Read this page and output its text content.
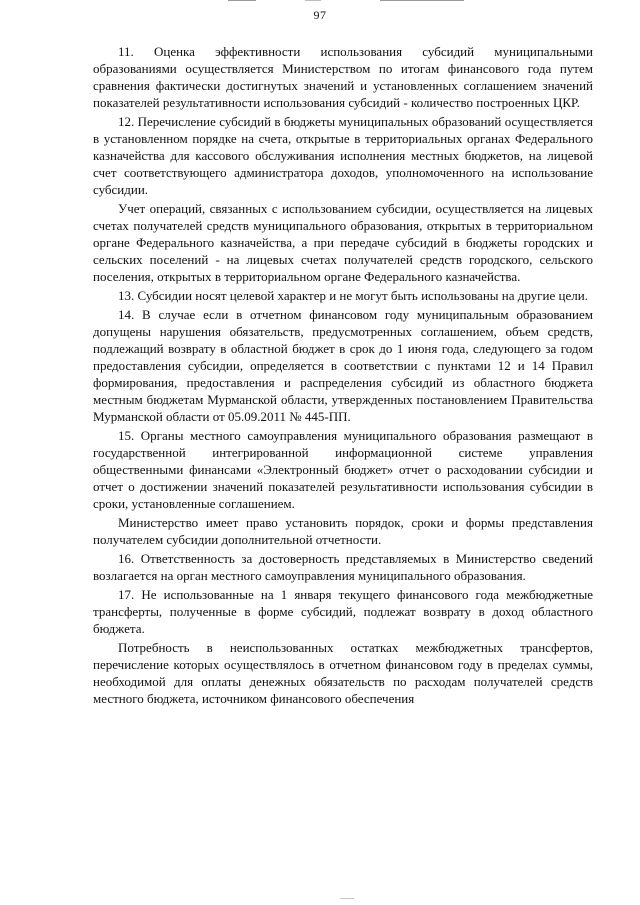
97

11. Оценка эффективности использования субсидий муниципальными образованиями осуществляется Министерством по итогам финансового года путем сравнения фактически достигнутых значений и установленных соглашением значений показателей результативности использования субсидий - количество построенных ЦКР.

12. Перечисление субсидий в бюджеты муниципальных образований осуществляется в установленном порядке на счета, открытые в территориальных органах Федерального казначейства для кассового обслуживания исполнения местных бюджетов, на лицевой счет соответствующего администратора доходов, уполномоченного на использование субсидии.

Учет операций, связанных с использованием субсидии, осуществляется на лицевых счетах получателей средств муниципального образования, открытых в территориальном органе Федерального казначейства, а при передаче субсидий в бюджеты городских и сельских поселений - на лицевых счетах получателей средств городского, сельского поселения, открытых в территориальном органе Федерального казначейства.

13. Субсидии носят целевой характер и не могут быть использованы на другие цели.

14. В случае если в отчетном финансовом году муниципальным образованием допущены нарушения обязательств, предусмотренных соглашением, объем средств, подлежащий возврату в областной бюджет в срок до 1 июня года, следующего за годом предоставления субсидии, определяется в соответствии с пунктами 12 и 14 Правил формирования, предоставления и распределения субсидий из областного бюджета местным бюджетам Мурманской области, утвержденных постановлением Правительства Мурманской области от 05.09.2011 № 445-ПП.

15. Органы местного самоуправления муниципального образования размещают в государственной интегрированной информационной системе управления общественными финансами «Электронный бюджет» отчет о расходовании субсидии и отчет о достижении значений показателей результативности использования субсидии в сроки, установленные соглашением.

Министерство имеет право установить порядок, сроки и формы представления получателем субсидии дополнительной отчетности.

16. Ответственность за достоверность представляемых в Министерство сведений возлагается на орган местного самоуправления муниципального образования.

17. Не использованные на 1 января текущего финансового года межбюджетные трансферты, полученные в форме субсидий, подлежат возврату в доход областного бюджета.

Потребность в неиспользованных остатках межбюджетных трансфертов, перечисление которых осуществлялось в отчетном финансовом году в пределах суммы, необходимой для оплаты денежных обязательств по расходам получателей средств местного бюджета, источником финансового обеспечения
